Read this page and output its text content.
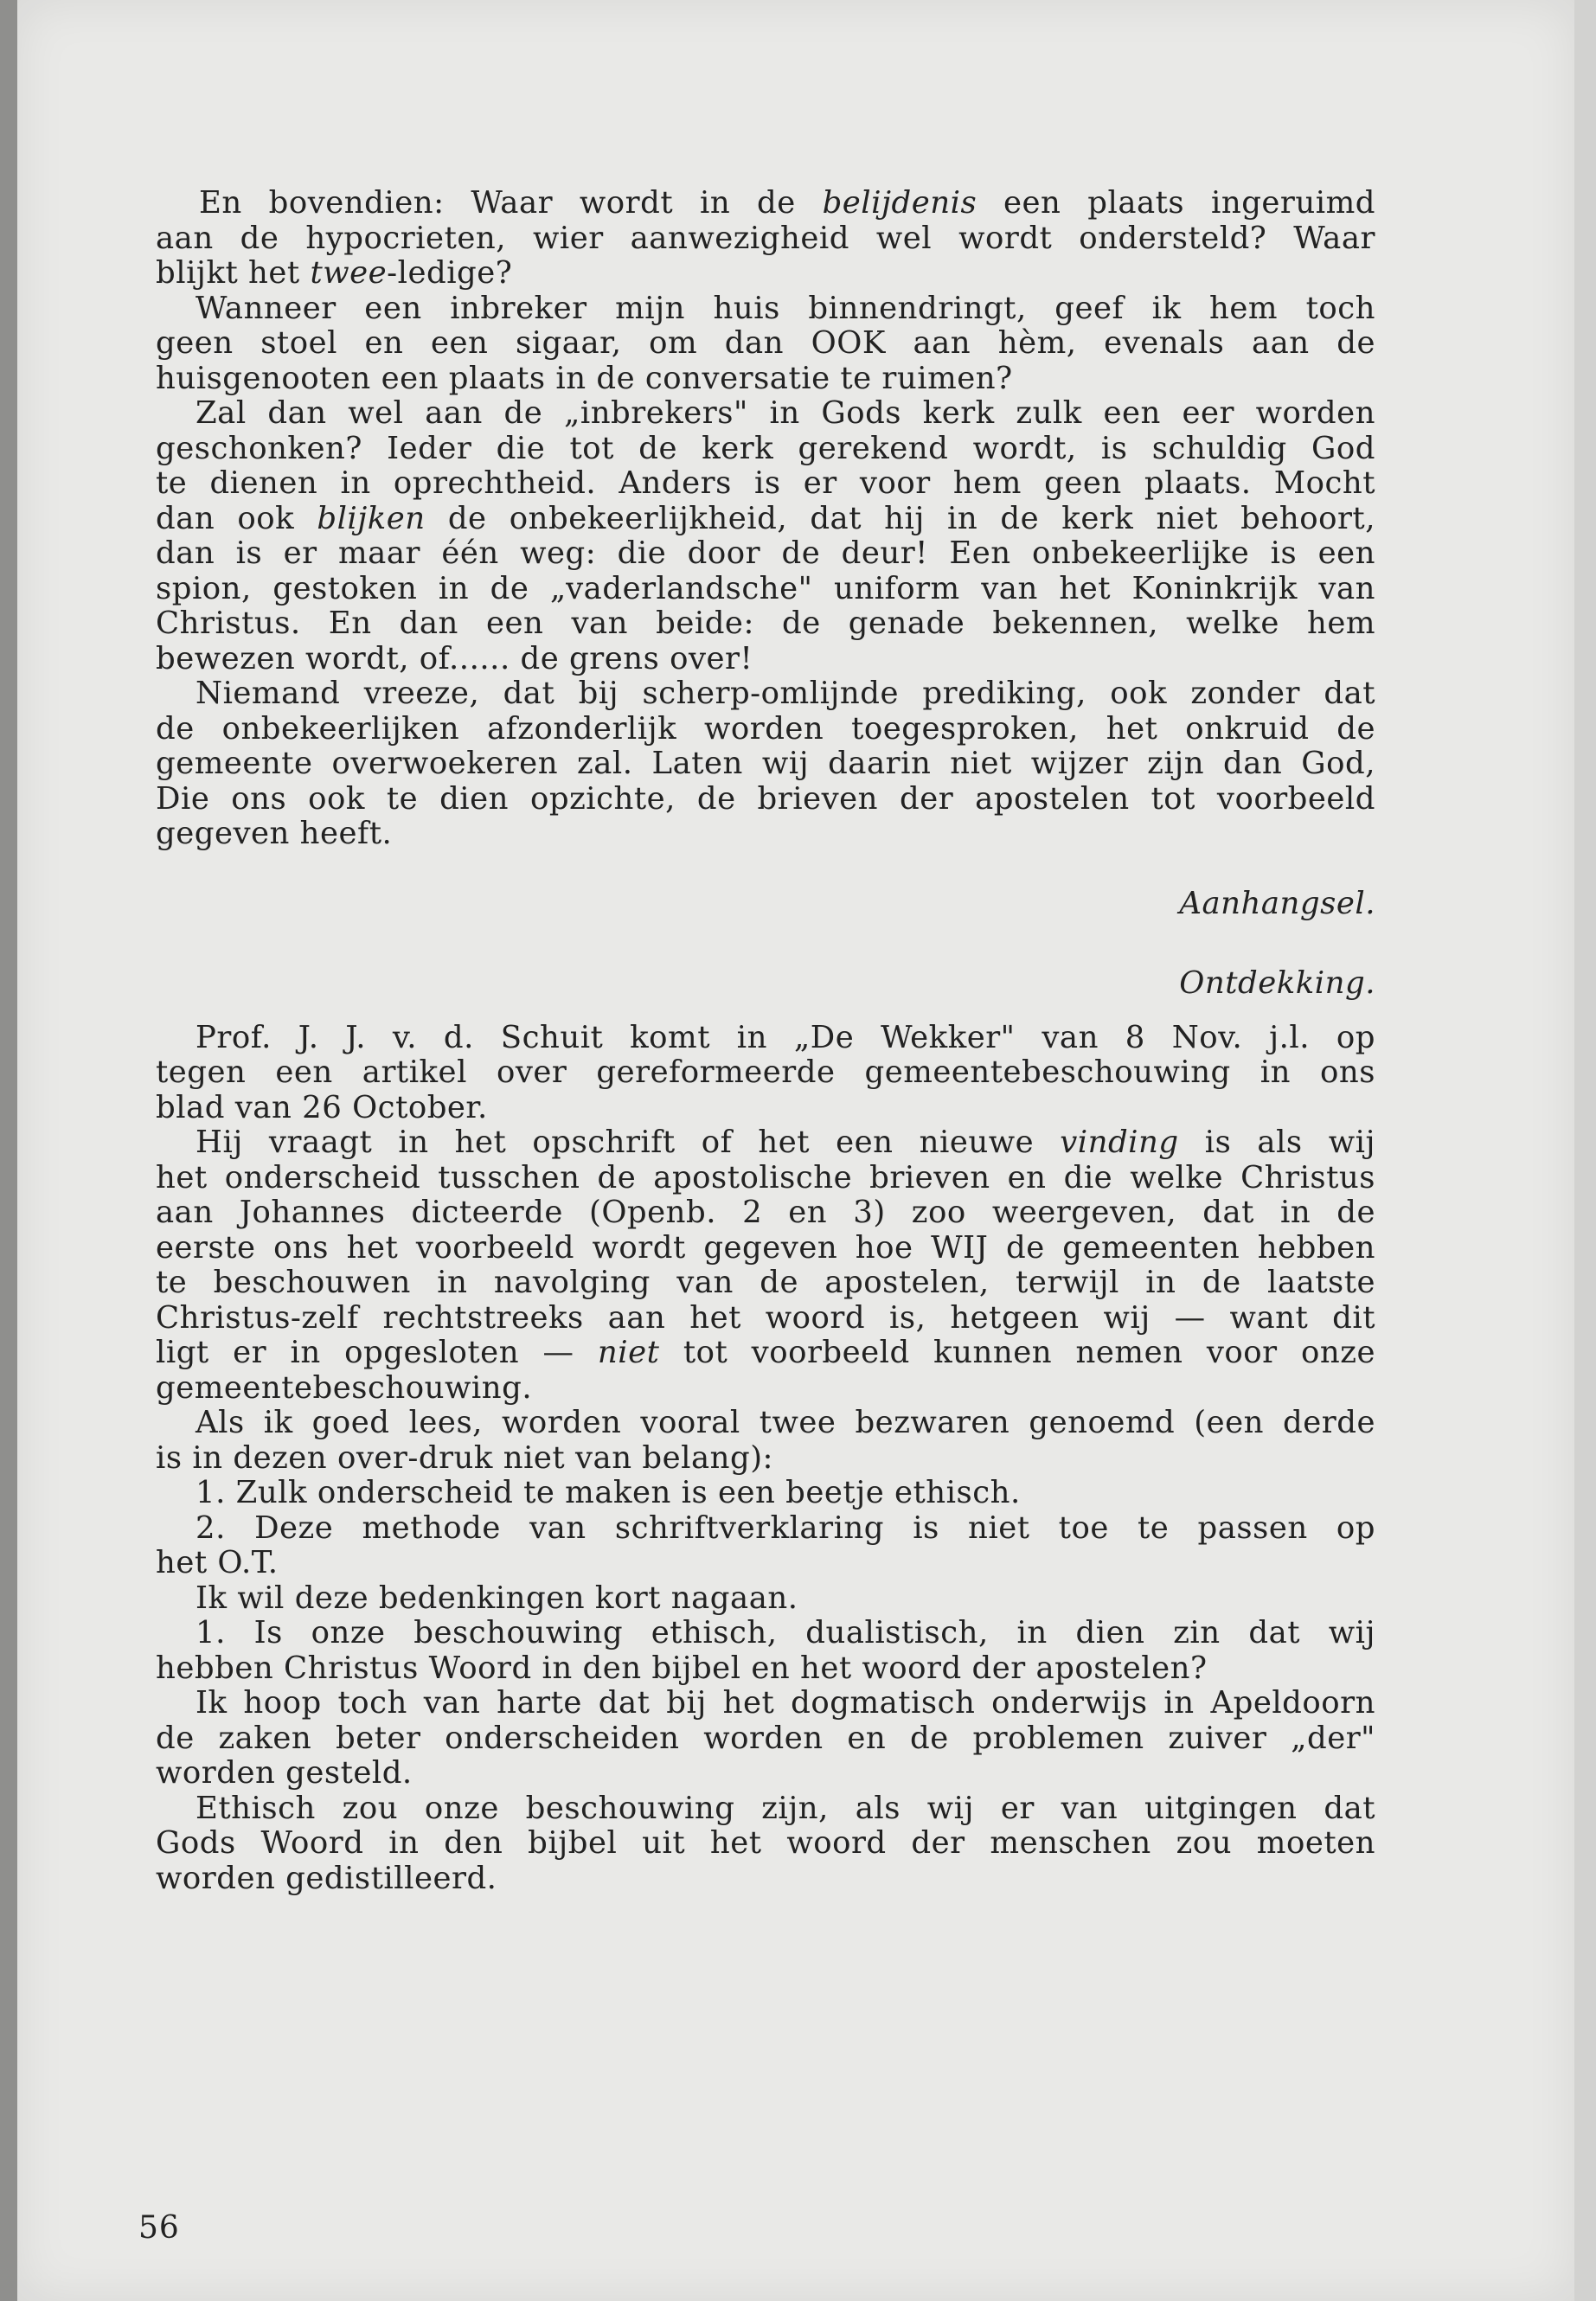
En bovendien: Waar wordt in de belijdenis een plaats ingeruimd
aan de hypocrieten, wier aanwezigheid wel wordt ondersteld? Waar
blijkt het twee-ledige?

Wanneer een inbreker mijn huis binnendringt, geef ik hem toch
geen stoel en een sigaar, om dan OOK aan hèm, evenals aan de
huisgenooten een plaats in de conversatie te ruimen?

Zal dan wel aan de „inbrekers" in Gods kerk zulk een eer worden
geschonken? Ieder die tot de kerk gerekend wordt, is schuldig God
te dienen in oprechtheid. Anders is er voor hem geen plaats. Mocht
dan ook blijken de onbekeerlijkheid, dat hij in de kerk niet behoort,
dan is er maar één weg: die door de deur! Een onbekeerlijke is een
spion, gestoken in de „vaderlandsche" uniform van het Koninkrijk van
Christus. En dan een van beide: de genade bekennen, welke hem
bewezen wordt, of...... de grens over!

Niemand vreeze, dat bij scherp-omlijnde prediking, ook zonder dat
de onbekeerlijken afzonderlijk worden toegesproken, het onkruid de
gemeente overwoekeren zal. Laten wij daarin niet wijzer zijn dan God,
Die ons ook te dien opzichte, de brieven der apostelen tot voorbeeld
gegeven heeft.

Aanhangsel.

Ontdekking.

Prof. J. J. v. d. Schuit komt in „De Wekker" van 8 Nov. j.l. op
tegen een artikel over gereformeerde gemeentebeschouwing in ons
blad van 26 October.

Hij vraagt in het opschrift of het een nieuwe vinding is als wij
het onderscheid tusschen de apostolische brieven en die welke Christus
aan Johannes dicteerde (Openb. 2 en 3) zoo weergeven, dat in de
eerste ons het voorbeeld wordt gegeven hoe WIJ de gemeenten hebben
te beschouwen in navolging van de apostelen, terwijl in de laatste
Christus-zelf rechtstreeks aan het woord is, hetgeen wij — want dit
ligt er in opgesloten — niet tot voorbeeld kunnen nemen voor onze
gemeentebeschouwing.

Als ik goed lees, worden vooral twee bezwaren genoemd (een derde
is in dezen over-druk niet van belang):

1. Zulk onderscheid te maken is een beetje ethisch.

2. Deze methode van schriftverklaring is niet toe te passen op
het O.T.

Ik wil deze bedenkingen kort nagaan.

1. Is onze beschouwing ethisch, dualistisch, in dien zin dat wij
hebben Christus Woord in den bijbel en het woord der apostelen?

Ik hoop toch van harte dat bij het dogmatisch onderwijs in Apeldoorn
de zaken beter onderscheiden worden en de problemen zuiver „der"
worden gesteld.

Ethisch zou onze beschouwing zijn, als wij er van uitgingen dat
Gods Woord in den bijbel uit het woord der menschen zou moeten
worden gedistilleerd.

56
